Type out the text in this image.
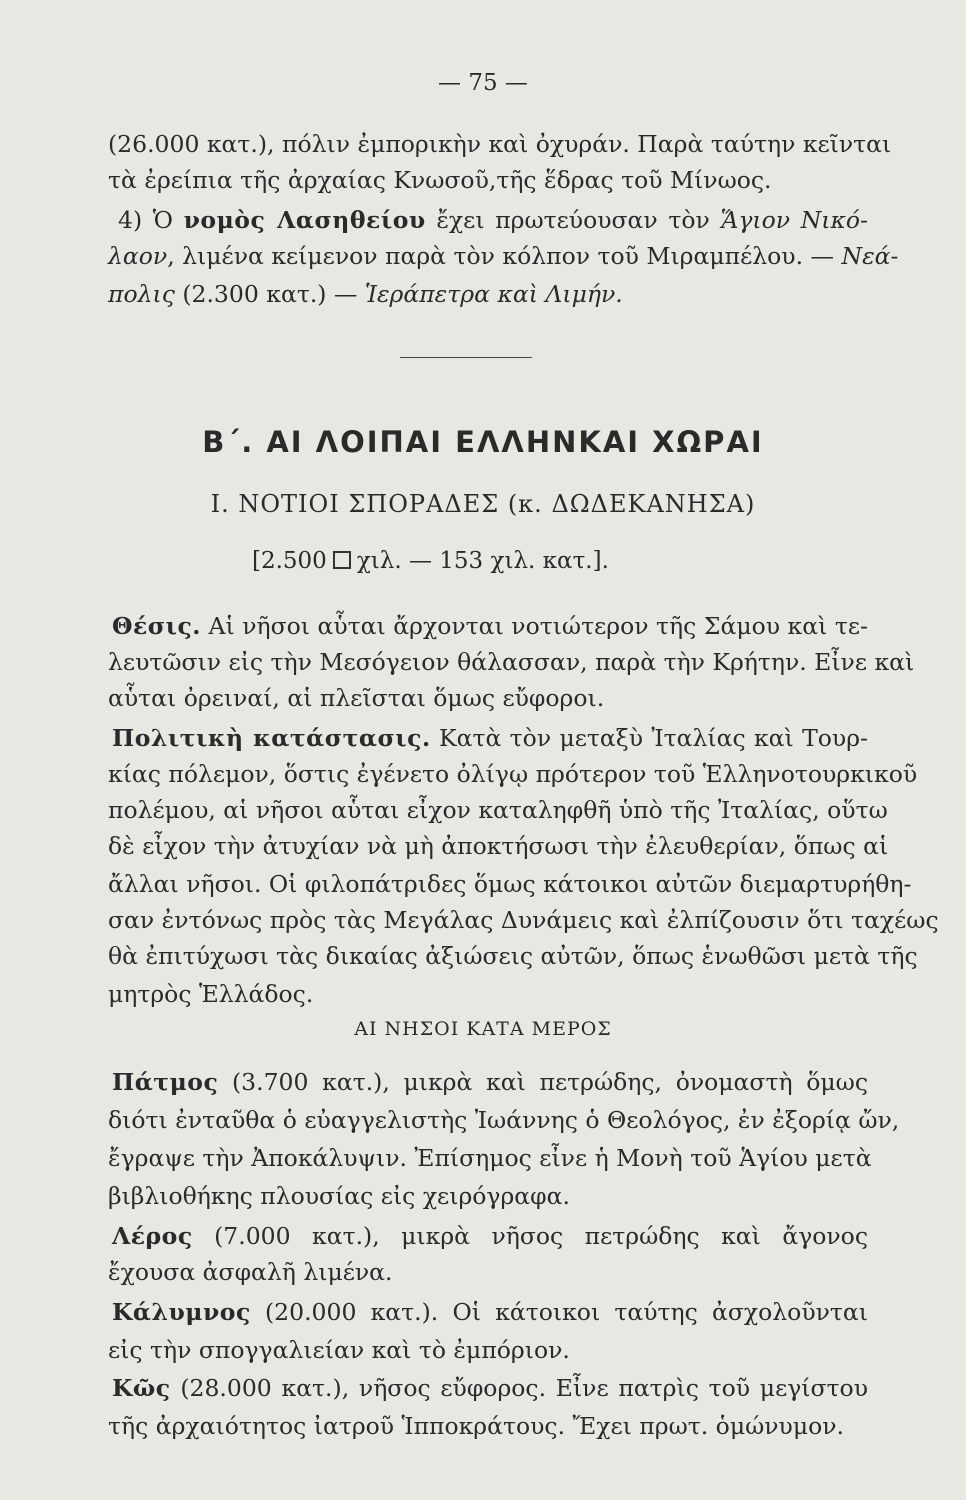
— 75 —
(26.000 κατ.), πόλιν ἐμπορικὴν καὶ ὀχυράν. Παρὰ ταύτην κεῖνται
τὰ ἐρείπια τῆς ἀρχαίας Κνωσοῦ,τῆς ἕδρας τοῦ Μίνωος.
4) Ὁ νομὸς Λασηθείου ἔχει πρωτεύουσαν τὸν Ἅγιον Νικό-
λαον, λιμένα κείμενον παρὰ τὸν κόλπον τοῦ Μιραμπέλου. — Νεά-
πολις (2.300 κατ.) — Ἱεράπετρα καὶ Λιμήν.
Β΄. ΑΙ ΛΟΙΠΑΙ ΕΛΛΗΝΚΑΙ ΧΩΡΑΙ
Ι. ΝΟΤΙΟΙ ΣΠΟΡΑΔΕΣ (κ. ΔΩΔΕΚΑΝΗΣΑ)
[2.500 χιλ. — 153 χιλ. κατ.].
Θέσις. Αἱ νῆσοι αὗται ἄρχονται νοτιώτερον τῆς Σάμου καὶ τε-
λευτῶσιν εἰς τὴν Μεσόγειον θάλασσαν, παρὰ τὴν Κρήτην. Εἶνε καὶ
αὗται ὀρειναί, αἱ πλεῖσται ὅμως εὔφοροι.
Πολιτικὴ κατάστασις. Κατὰ τὸν μεταξὺ Ἰταλίας καὶ Τουρ-
κίας πόλεμον, ὅστις ἐγένετο ὀλίγῳ πρότερον τοῦ Ἑλληνοτουρκικοῦ
πολέμου, αἱ νῆσοι αὗται εἶχον καταληφθῆ ὑπὸ τῆς Ἰταλίας, οὕτω
δὲ εἶχον τὴν ἀτυχίαν νὰ μὴ ἀποκτήσωσι τὴν ἐλευθερίαν, ὅπως αἱ
ἄλλαι νῆσοι. Οἱ φιλοπάτριδες ὅμως κάτοικοι αὐτῶν διεμαρτυρήθη-
σαν ἐντόνως πρὸς τὰς Μεγάλας Δυνάμεις καὶ ἐλπίζουσιν ὅτι ταχέως
θὰ ἐπιτύχωσι τὰς δικαίας ἀξιώσεις αὐτῶν, ὅπως ἑνωθῶσι μετὰ τῆς
μητρὸς Ἑλλάδος.
ΑΙ ΝΗΣΟΙ ΚΑΤΑ ΜΕΡΟΣ
Πάτμος (3.700 κατ.), μικρὰ καὶ πετρώδης, ὀνομαστὴ ὅμως
διότι ἐνταῦθα ὁ εὐαγγελιστὴς Ἰωάννης ὁ Θεολόγος, ἐν ἐξορίᾳ ὤν,
ἔγραψε τὴν Ἀποκάλυψιν. Ἐπίσημος εἶνε ἡ Μονὴ τοῦ Ἁγίου μετὰ
βιβλιοθήκης πλουσίας εἰς χειρόγραφα.
Λέρος (7.000 κατ.), μικρὰ νῆσος πετρώδης καὶ ἄγονος
ἔχουσα ἀσφαλῆ λιμένα.
Κάλυμνος (20.000 κατ.). Οἱ κάτοικοι ταύτης ἀσχολοῦνται
εἰς τὴν σπογγαλιείαν καὶ τὸ ἐμπόριον.
Κῶς (28.000 κατ.), νῆσος εὔφορος. Εἶνε πατρὶς τοῦ μεγίστου
τῆς ἀρχαιότητος ἰατροῦ Ἱπποκράτους. Ἔχει πρωτ. ὁμώνυμον.
